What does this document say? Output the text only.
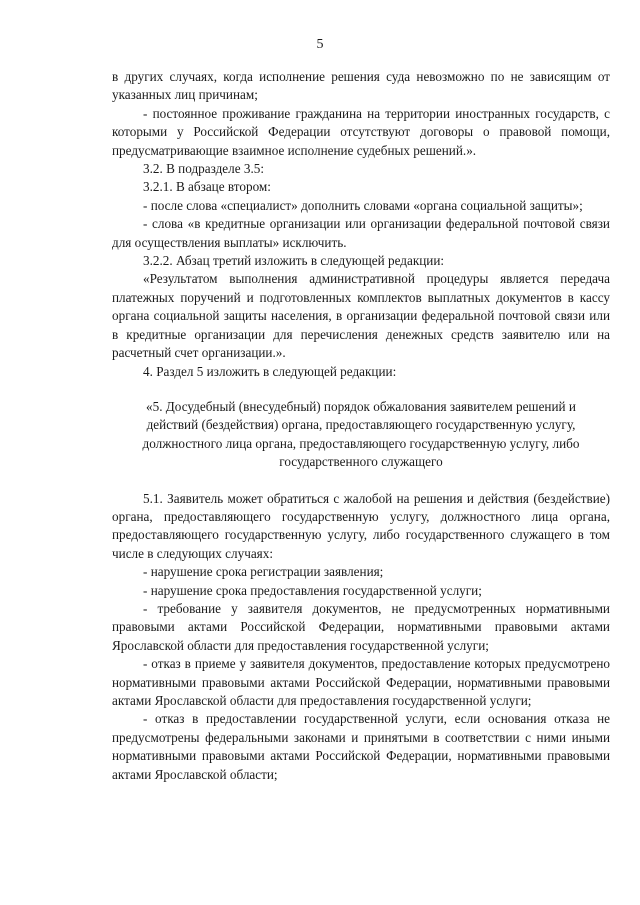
5

в других случаях, когда исполнение решения суда невозможно по не зависящим от указанных лиц причинам;

- постоянное проживание гражданина на территории иностранных государств, с которыми у Российской Федерации отсутствуют договоры о правовой помощи, предусматривающие взаимное исполнение судебных решений.».

3.2. В подразделе 3.5:

3.2.1. В абзаце втором:

- после слова «специалист» дополнить словами «органа социальной защиты»;

- слова «в кредитные организации или организации федеральной почтовой связи для осуществления выплаты» исключить.

3.2.2. Абзац третий изложить в следующей редакции:

«Результатом выполнения административной процедуры является передача платежных поручений и подготовленных комплектов выплатных документов в кассу органа социальной защиты населения, в организации федеральной почтовой связи или в кредитные организации для перечисления денежных средств заявителю или на расчетный счет организации.».

4. Раздел 5 изложить в следующей редакции:

«5. Досудебный (внесудебный) порядок обжалования заявителем решений и действий (бездействия) органа, предоставляющего государственную услугу, должностного лица органа, предоставляющего государственную услугу, либо государственного служащего

5.1. Заявитель может обратиться с жалобой на решения и действия (бездействие) органа, предоставляющего государственную услугу, должностного лица органа, предоставляющего государственную услугу, либо государственного служащего в том числе в следующих случаях:

- нарушение срока регистрации заявления;

- нарушение срока предоставления государственной услуги;

- требование у заявителя документов, не предусмотренных нормативными правовыми актами Российской Федерации, нормативными правовыми актами Ярославской области для предоставления государственной услуги;

- отказ в приеме у заявителя документов, предоставление которых предусмотрено нормативными правовыми актами Российской Федерации, нормативными правовыми актами Ярославской области для предоставления государственной услуги;

- отказ в предоставлении государственной услуги, если основания отказа не предусмотрены федеральными законами и принятыми в соответствии с ними иными нормативными правовыми актами Российской Федерации, нормативными правовыми актами Ярославской области;
